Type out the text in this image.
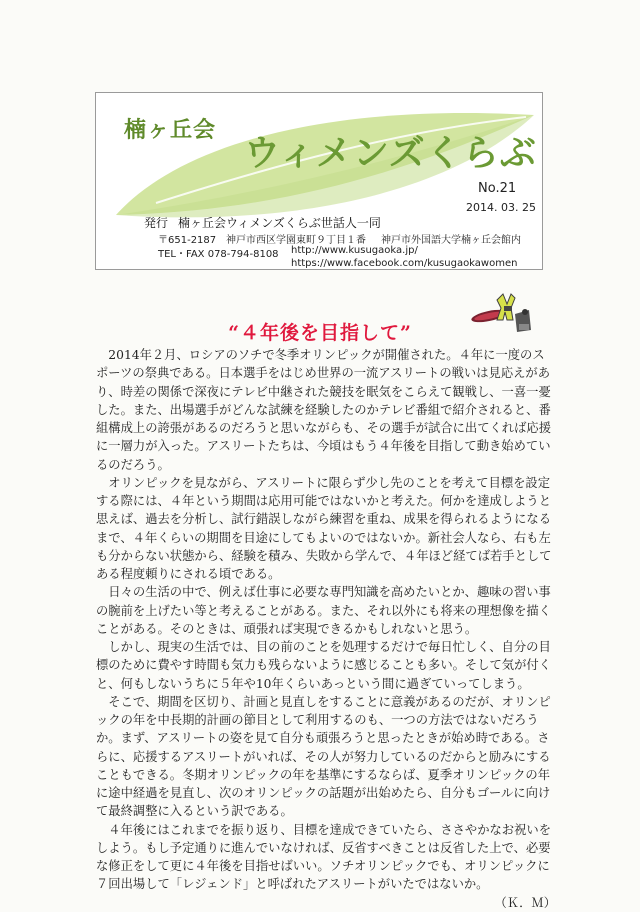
楠ヶ丘会
ウィメンズくらぶ
No.21
2014. 03. 25
発行 楠ヶ丘会ウィメンズくらぶ世話人一同
〒651-2187 神戸市西区学園東町９丁目１番 神戸市外国語大学楠ヶ丘会館内
TEL・FAX 078-794-8108 http://www.kusugaoka.jp/
https://www.facebook.com/kusugaokawomen
“４年後を目指して”

2014年２月、ロシアのソチで冬季オリンピックが開催された。４年に一度のスポーツの祭典である。日本選手をはじめ世界の一流アスリートの戦いは見応えがあり、時差の関係で深夜にテレビ中継された競技を眠気をこらえて観戦し、一喜一憂した。また、出場選手がどんな試練を経験したのかテレビ番組で紹介されると、番組構成上の誇張があるのだろうと思いながらも、その選手が試合に出てくれば応援に一層力が入った。アスリートたちは、今頃はもう４年後を目指して動き始めているのだろう。

オリンピックを見ながら、アスリートに限らず少し先のことを考えて目標を設定する際には、４年という期間は応用可能ではないかと考えた。何かを達成しようと思えば、過去を分析し、試行錯誤しながら練習を重ね、成果を得られるようになるまで、４年くらいの期間を目途にしてもよいのではないか。新社会人なら、右も左も分からない状態から、経験を積み、失敗から学んで、４年ほど経てば若手としてある程度頼りにされる頃である。

日々の生活の中で、例えば仕事に必要な専門知識を高めたいとか、趣味の習い事の腕前を上げたい等と考えることがある。また、それ以外にも将来の理想像を描くことがある。そのときは、頑張れば実現できるかもしれないと思う。

しかし、現実の生活では、目の前のことを処理するだけで毎日忙しく、自分の目標のために費やす時間も気力も残らないように感じることも多い。そして気が付くと、何もしないうちに５年や10年くらいあっという間に過ぎていってしまう。

そこで、期間を区切り、計画と見直しをすることに意義があるのだが、オリンピックの年を中長期的計画の節目として利用するのも、一つの方法ではないだろうか。まず、アスリートの姿を見て自分も頑張ろうと思ったときが始め時である。さらに、応援するアスリートがいれば、その人が努力しているのだからと励みにすることもできる。冬期オリンピックの年を基準にするならば、夏季オリンピックの年に途中経過を見直し、次のオリンピックの話題が出始めたら、自分もゴールに向けて最終調整に入るという訳である。

４年後にはこれまでを振り返り、目標を達成できていたら、ささやかなお祝いをしよう。もし予定通りに進んでいなければ、反省すべきことは反省した上で、必要な修正をして更に４年後を目指せばいい。ソチオリンピックでも、オリンピックに７回出場して「レジェンド」と呼ばれたアスリートがいたではないか。

（Ｋ．Ｍ）
